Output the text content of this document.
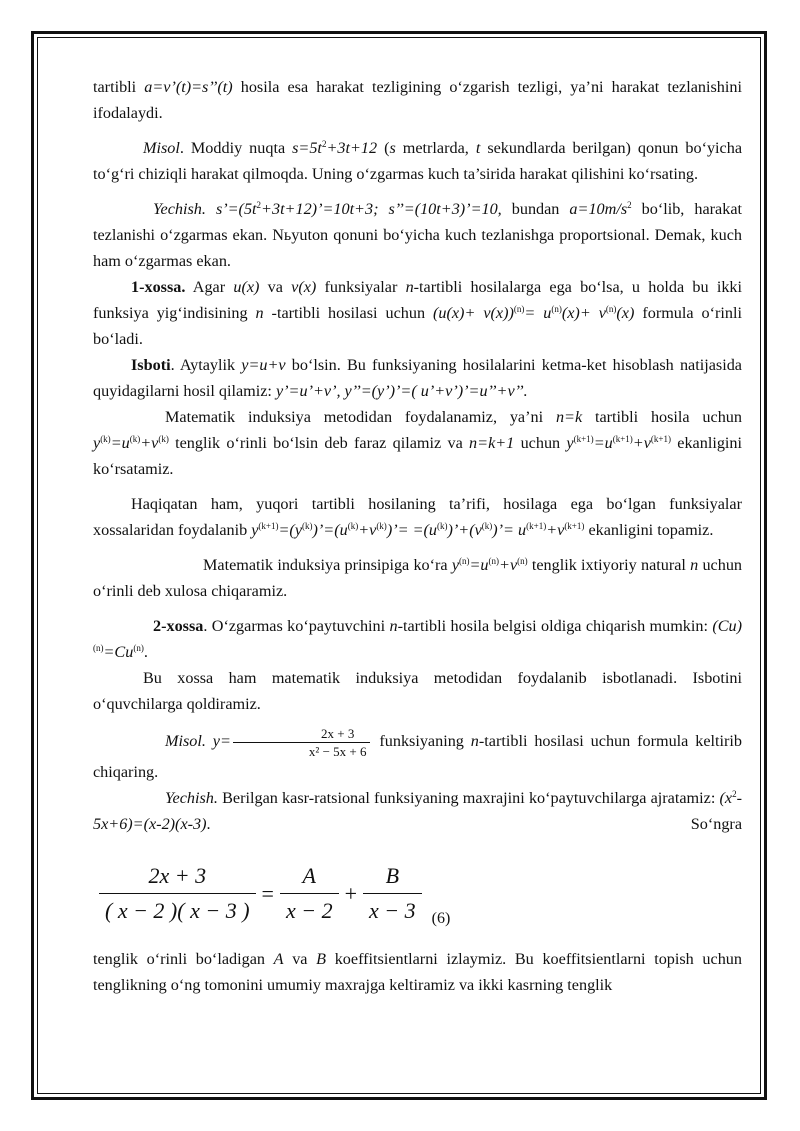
tartibli a=v’(t)=s’’(t) hosila esa harakat tezligining o‘zgarish tezligi, ya’ni harakat tezlanishini ifodalaydi.

Misol. Moddiy nuqta $s=5t^2+3t+12$ (s metrlarda, t sekundlarda berilgan) qonun bo‘yicha to‘g‘ri chiziqli harakat qilmoqda. Uning o‘zgarmas kuch ta’sirida harakat qilishini ko‘rsating.

Yechish. $s’=(5t^2+3t+12)’=10t+3$; s’’=(10t+3)’=10, bundan $a=10m/s^2$ bo‘lib, harakat tezlanishi o‘zgarmas ekan. Nьyuton qonuni bo‘yicha kuch tezlanishga proportsional. Demak, kuch ham o‘zgarmas ekan.

1-xossa. Agar u(x) va v(x) funksiyalar n-tartibli hosilalarga ega bo‘lsa, u holda bu ikki funksiya yig‘indisining n -tartibli hosilasi uchun $(u(x)+ v(x))^{(n)}= u^{(n)}(x)+ v^{(n)}(x)$ formula o‘rinli bo‘ladi.

Isboti. Aytaylik y=u+v bo‘lsin. Bu funksiyaning hosilalarini ketma-ket hisoblash natijasida quyidagilarni hosil qilamiz: y’=u’+v’, y’’=(y’)’=( u’+v’)’=u’’+v’’.

Matematik induksiya metodidan foydalanamiz, ya’ni n=k tartibli hosila uchun $y^{(k)}=u^{(k)}+v^{(k)}$ tenglik o‘rinli bo‘lsin deb faraz qilamiz va n=k+1 uchun $y^{(k+1)}=u^{(k+1)}+v^{(k+1)}$ ekanligini ko‘rsatamiz.

Haqiqatan ham, yuqori tartibli hosilaning ta’rifi, hosilaga ega bo‘lgan funksiyalar xossalaridan foydalanib $y^{(k+1)}=(y^{(k)})’=(u^{(k)}+v^{(k)})’=$ $=(u^{(k)})’+(v^{(k)})’= u^{(k+1)}+v^{(k+1)}$ ekanligini topamiz.

Matematik induksiya prinsipiga ko‘ra $y^{(n)}=u^{(n)}+v^{(n)}$ tenglik ixtiyoriy natural n uchun o‘rinli deb xulosa chiqaramiz.

2-xossa. O‘zgarmas ko‘paytuvchini n-tartibli hosila belgisi oldiga chiqarish mumkin: $(Cu)^{(n)}=Cu^{(n)}$.

Bu xossa ham matematik induksiya metodidan foydalanib isbotlanadi. Isbotini o‘quvchilarga qoldiramiz.

Misol. $y= \frac{2x + 3}{\text{x² − 5x + 6}}$ funksiyaning n-tartibli hosilasi uchun formula keltirib chiqaring.

Yechish. Berilgan kasr-ratsional funksiyaning maxrajini ko‘paytuvchilarga ajratamiz: $(x^2-5x+6)=(x-2)(x-3)$.	So‘ngra

$\frac{2x + 3}{( x - 2 )( x - 3 )} = \frac{A}{x - 2} + \frac{B}{x - 3} (6)$

tenglik o‘rinli bo‘ladigan A va B koeffitsientlarni izlaymiz. Bu koeffitsientlarni topish uchun tenglikning o‘ng tomonini umumiy maxrajga keltiramiz va ikki kasrning tenglik
